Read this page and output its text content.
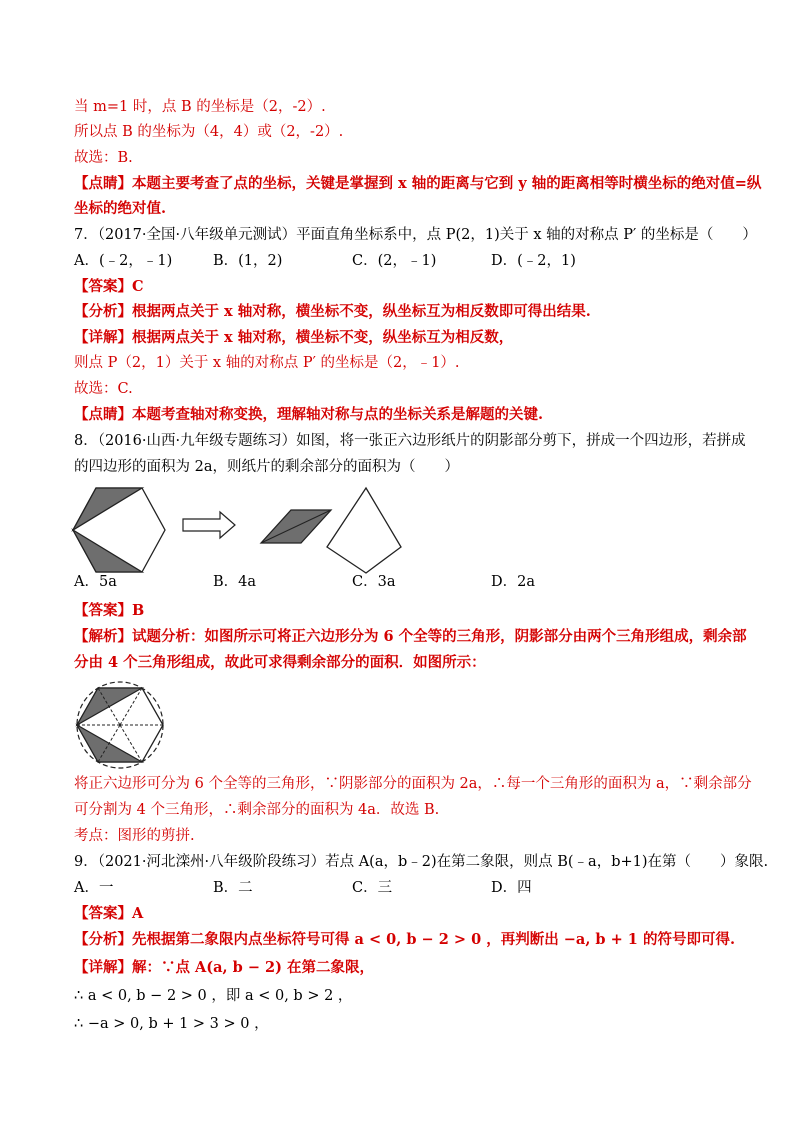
当 m=1 时，点 B 的坐标是（2，-2）.
所以点 B 的坐标为（4，4）或（2，-2）.
故选：B.
【点睛】本题主要考查了点的坐标，关键是掌握到 x 轴的距离与它到 y 轴的距离相等时横坐标的绝对值=纵
坐标的绝对值.
7．（2017·全国·八年级单元测试）平面直角坐标系中，点 P(2，1)关于 x 轴的对称点 P′ 的坐标是（　　）
A．(﹣2，﹣1)	B．(1，2)	C．(2，﹣1)	D．(﹣2，1)
【答案】C
【分析】根据两点关于 x 轴对称，横坐标不变，纵坐标互为相反数即可得出结果.
【详解】根据两点关于 x 轴对称，横坐标不变，纵坐标互为相反数，
则点 P（2，1）关于 x 轴的对称点 P′ 的坐标是（2，﹣1）.
故选：C.
【点睛】本题考查轴对称变换，理解轴对称与点的坐标关系是解题的关键.
8．（2016·山西·九年级专题练习）如图，将一张正六边形纸片的阴影部分剪下，拼成一个四边形，若拼成
的四边形的面积为 2a，则纸片的剩余部分的面积为（　　）
A．5a	B．4a	C．3a	D．2a
【答案】B
【解析】试题分析：如图所示可将正六边形分为 6 个全等的三角形，阴影部分由两个三角形组成，剩余部
分由 4 个三角形组成，故此可求得剩余部分的面积．如图所示：
将正六边形可分为 6 个全等的三角形，∵阴影部分的面积为 2a，∴每一个三角形的面积为 a，∵剩余部分
可分割为 4 个三角形，∴剩余部分的面积为 4a．故选 B.
考点：图形的剪拼.
9．（2021·河北滦州·八年级阶段练习）若点 A(a，b﹣2)在第二象限，则点 B(﹣a，b+1)在第（　　）象限.
A．一	B．二	C．三	D．四
【答案】A
【分析】先根据第二象限内点坐标符号可得 a < 0, b − 2 > 0 ，再判断出 −a, b + 1 的符号即可得.
【详解】解：∵点 A(a, b − 2) 在第二象限，
∴ a < 0, b − 2 > 0 ，即 a < 0, b > 2 ，
∴ −a > 0, b + 1 > 3 > 0 ，
